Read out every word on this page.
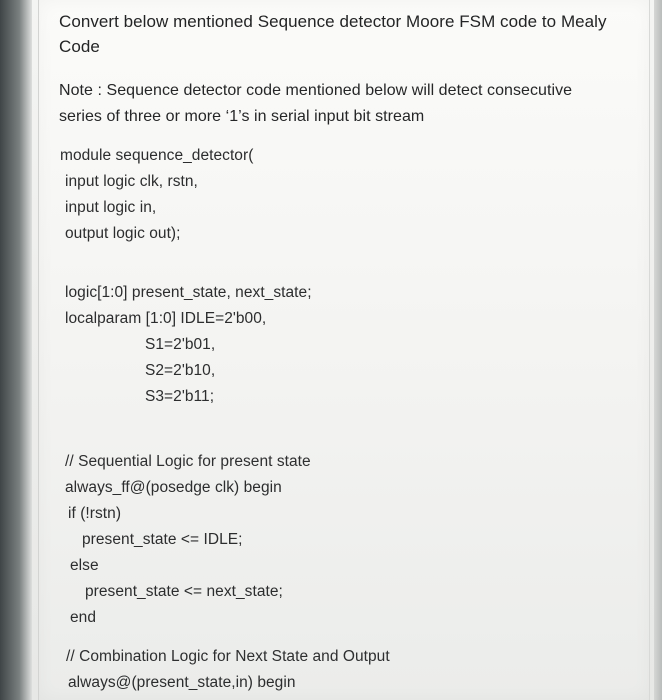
Convert below mentioned Sequence detector Moore FSM code to Mealy
Code
Note : Sequence detector code mentioned below will detect consecutive
series of three or more ‘1’s in serial input bit stream
module sequence_detector(
input logic clk, rstn,
input logic in,
output logic out);
logic[1:0] present_state, next_state;
localparam [1:0] IDLE=2'b00,
S1=2'b01,
S2=2'b10,
S3=2'b11;
// Sequential Logic for present state
always_ff@(posedge clk) begin
if (!rstn)
present_state <= IDLE;
else
present_state <= next_state;
end
// Combination Logic for Next State and Output
always@(present_state,in) begin
